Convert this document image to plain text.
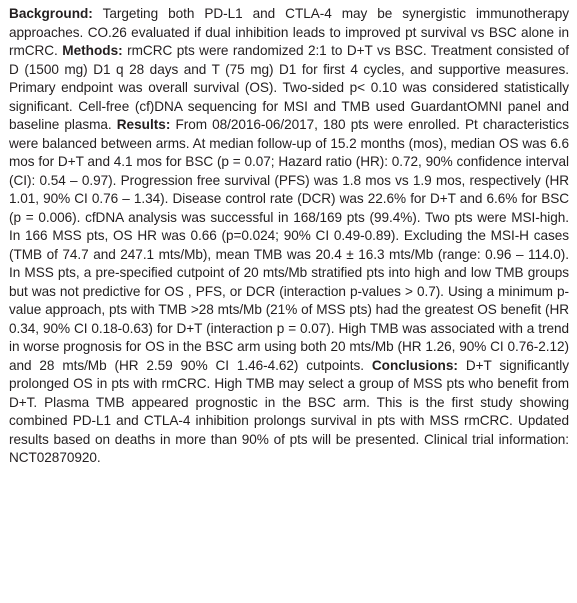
Background: Targeting both PD-L1 and CTLA-4 may be synergistic immunotherapy approaches. CO.26 evaluated if dual inhibition leads to improved pt survival vs BSC alone in rmCRC. Methods: rmCRC pts were randomized 2:1 to D+T vs BSC. Treatment consisted of D (1500 mg) D1 q 28 days and T (75 mg) D1 for first 4 cycles, and supportive measures. Primary endpoint was overall survival (OS). Two-sided p< 0.10 was considered statistically significant. Cell-free (cf)DNA sequencing for MSI and TMB used GuardantOMNI panel and baseline plasma. Results: From 08/2016-06/2017, 180 pts were enrolled. Pt characteristics were balanced between arms. At median follow-up of 15.2 months (mos), median OS was 6.6 mos for D+T and 4.1 mos for BSC (p = 0.07; Hazard ratio (HR): 0.72, 90% confidence interval (CI): 0.54 – 0.97). Progression free survival (PFS) was 1.8 mos vs 1.9 mos, respectively (HR 1.01, 90% CI 0.76 – 1.34). Disease control rate (DCR) was 22.6% for D+T and 6.6% for BSC (p = 0.006). cfDNA analysis was successful in 168/169 pts (99.4%). Two pts were MSI-high. In 166 MSS pts, OS HR was 0.66 (p=0.024; 90% CI 0.49-0.89). Excluding the MSI-H cases (TMB of 74.7 and 247.1 mts/Mb), mean TMB was 20.4 ± 16.3 mts/Mb (range: 0.96 – 114.0). In MSS pts, a pre-specified cutpoint of 20 mts/Mb stratified pts into high and low TMB groups but was not predictive for OS , PFS, or DCR (interaction p-values > 0.7). Using a minimum p-value approach, pts with TMB >28 mts/Mb (21% of MSS pts) had the greatest OS benefit (HR 0.34, 90% CI 0.18-0.63) for D+T (interaction p = 0.07). High TMB was associated with a trend in worse prognosis for OS in the BSC arm using both 20 mts/Mb (HR 1.26, 90% CI 0.76-2.12) and 28 mts/Mb (HR 2.59 90% CI 1.46-4.62) cutpoints. Conclusions: D+T significantly prolonged OS in pts with rmCRC. High TMB may select a group of MSS pts who benefit from D+T. Plasma TMB appeared prognostic in the BSC arm. This is the first study showing combined PD-L1 and CTLA-4 inhibition prolongs survival in pts with MSS rmCRC. Updated results based on deaths in more than 90% of pts will be presented. Clinical trial information: NCT02870920.
